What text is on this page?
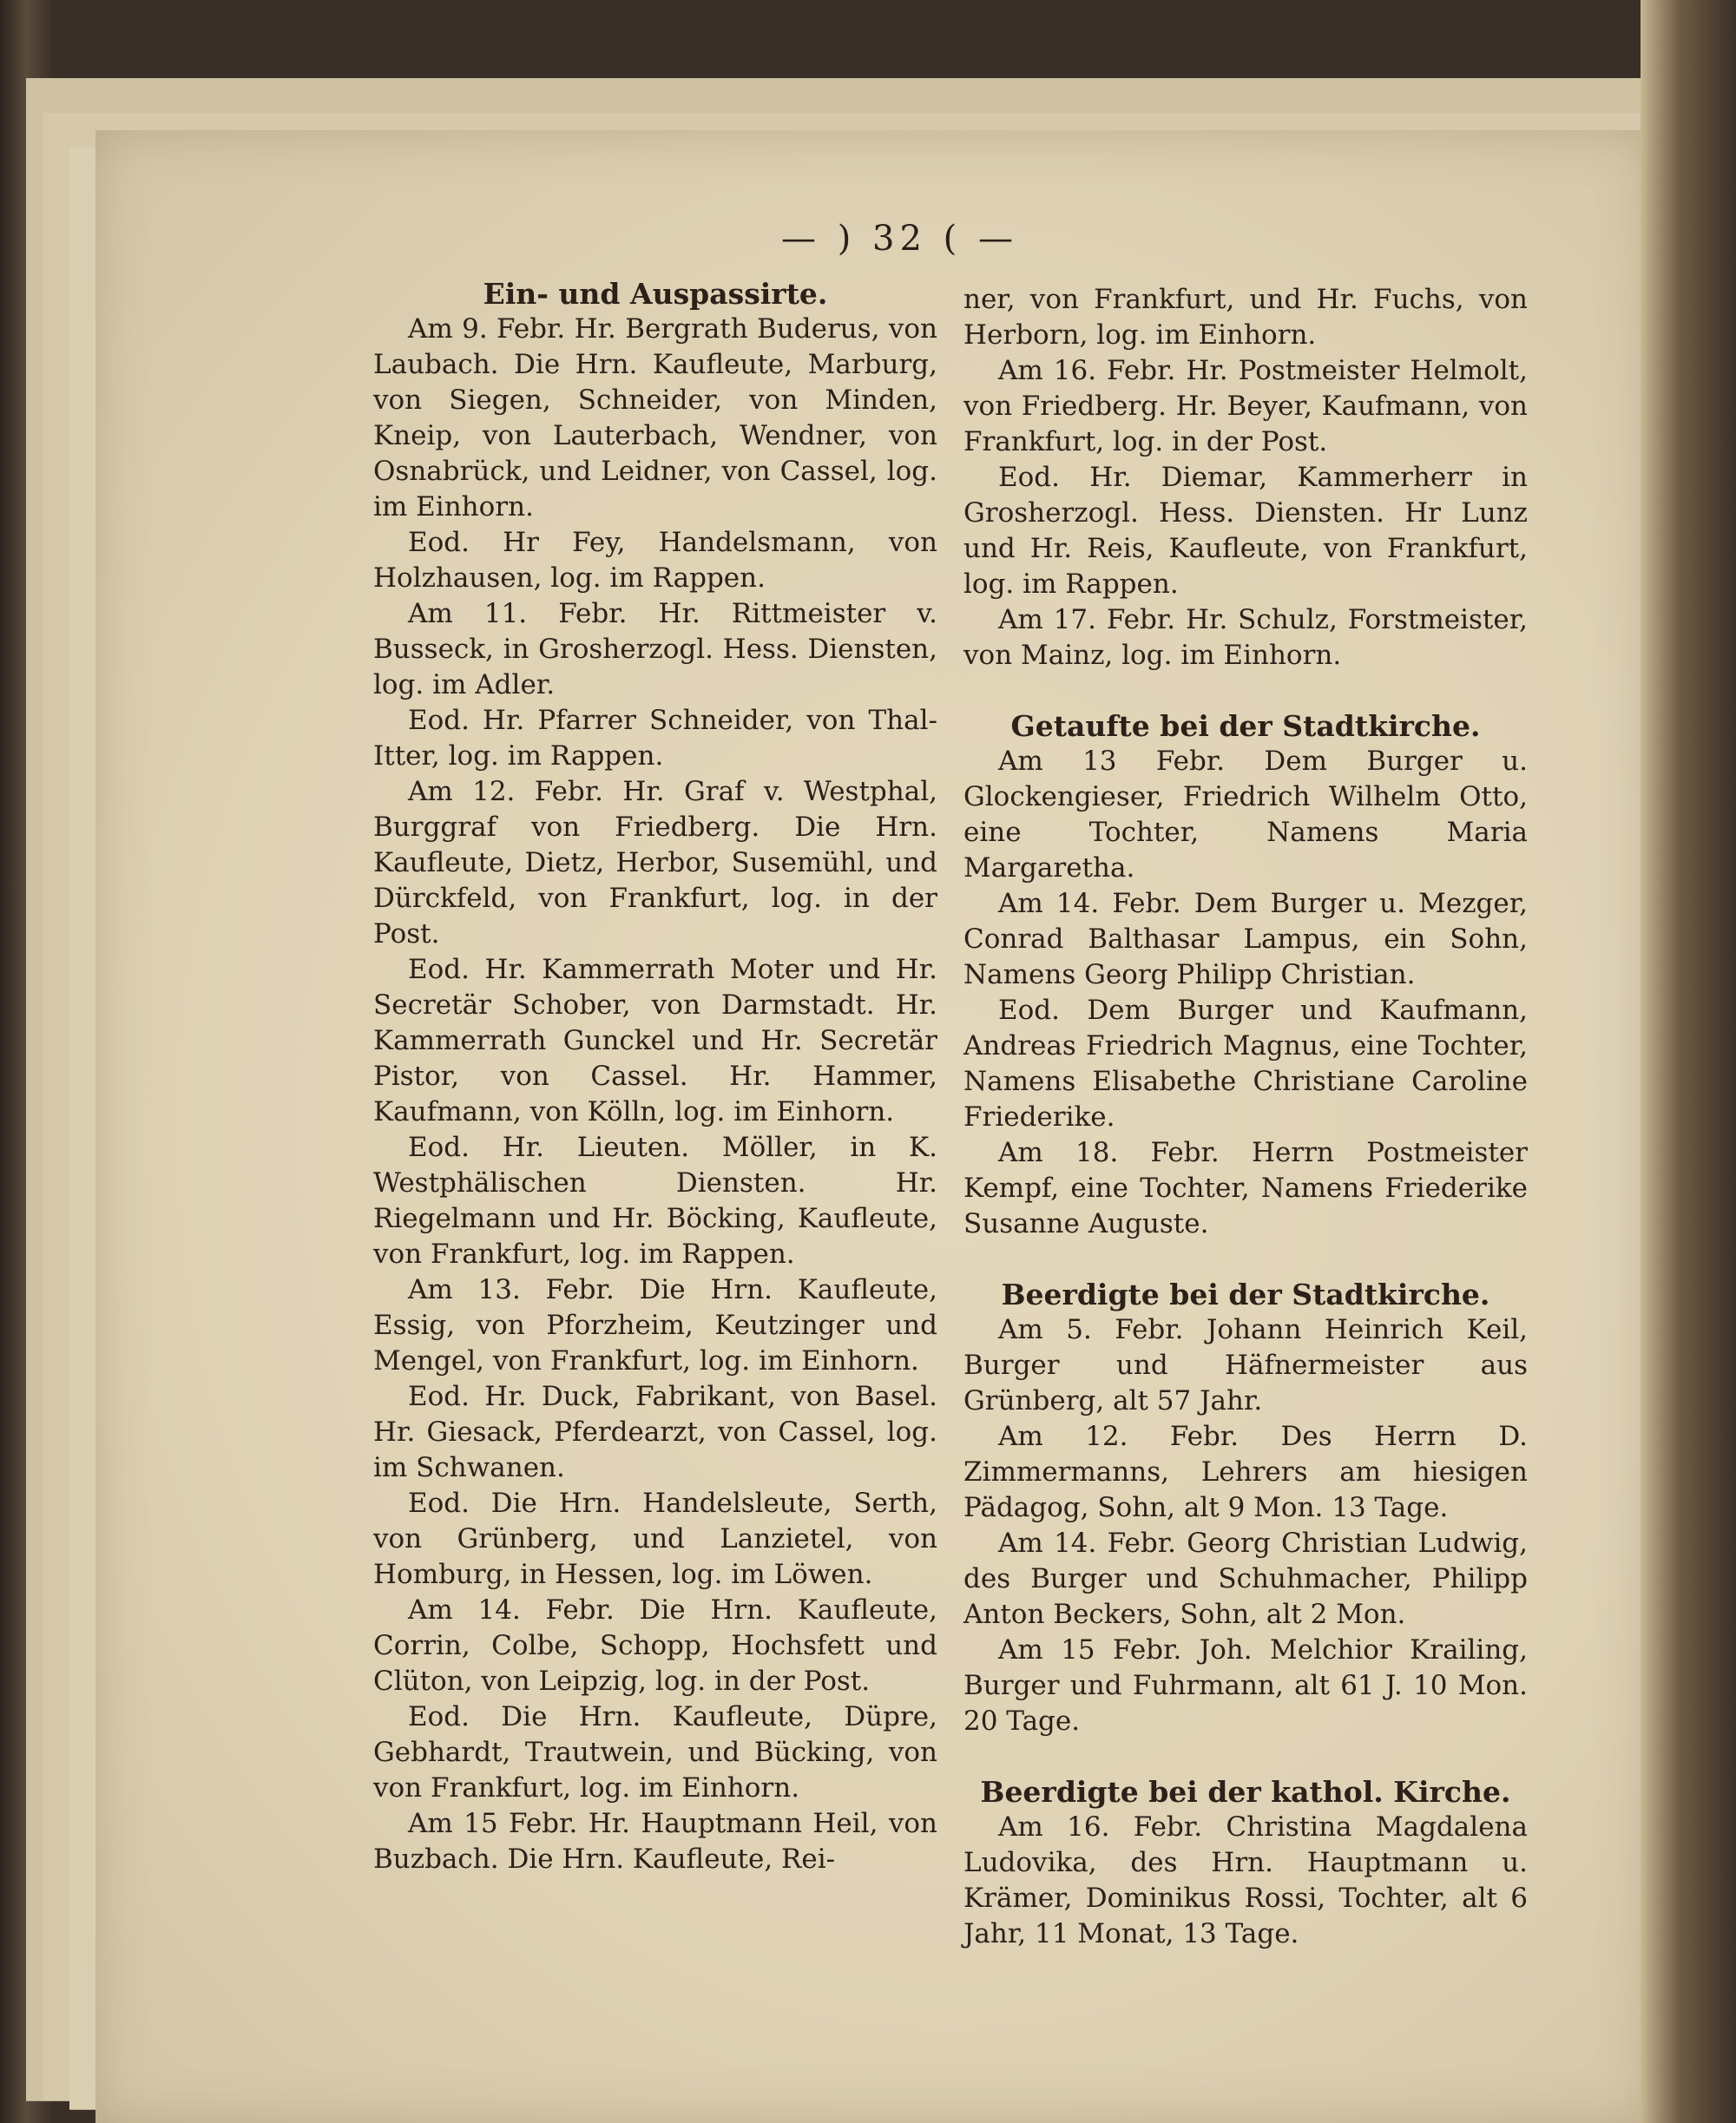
— ) 32 ( —

Ein- und Auspassirte.

Am 9. Febr. Hr. Bergrath Buderus, von Laubach. Die Hrn. Kaufleute, Marburg, von Siegen, Schneider, von Minden, Kneip, von Lauterbach, Wendner, von Osnabrück, und Leidner, von Cassel, log. im Einhorn.

Eod. Hr Fey, Handelsmann, von Holzhausen, log. im Rappen.

Am 11. Febr. Hr. Rittmeister v. Busseck, in Grosherzogl. Hess. Diensten, log. im Adler.

Eod. Hr. Pfarrer Schneider, von Thal-Itter, log. im Rappen.

Am 12. Febr. Hr. Graf v. Westphal, Burggraf von Friedberg. Die Hrn. Kaufleute, Dietz, Herbor, Susemühl, und Dürckfeld, von Frankfurt, log. in der Post.

Eod. Hr. Kammerrath Moter und Hr. Secretär Schober, von Darmstadt. Hr. Kammerrath Gunckel und Hr. Secretär Pistor, von Cassel. Hr. Hammer, Kaufmann, von Kölln, log. im Einhorn.

Eod. Hr. Lieuten. Möller, in K. Westphälischen Diensten. Hr. Riegelmann und Hr. Böcking, Kaufleute, von Frankfurt, log. im Rappen.

Am 13. Febr. Die Hrn. Kaufleute, Essig, von Pforzheim, Keutzinger und Mengel, von Frankfurt, log. im Einhorn.

Eod. Hr. Duck, Fabrikant, von Basel. Hr. Giesack, Pferdearzt, von Cassel, log. im Schwanen.

Eod. Die Hrn. Handelsleute, Serth, von Grünberg, und Lanzietel, von Homburg, in Hessen, log. im Löwen.

Am 14. Febr. Die Hrn. Kaufleute, Corrin, Colbe, Schopp, Hochsfett und Clüton, von Leipzig, log. in der Post.

Eod. Die Hrn. Kaufleute, Düpre, Gebhardt, Trautwein, und Bücking, von von Frankfurt, log. im Einhorn.

Am 15 Febr. Hr. Hauptmann Heil, von Buzbach. Die Hrn. Kaufleute, Rei-

ner, von Frankfurt, und Hr. Fuchs, von Herborn, log. im Einhorn.

Am 16. Febr. Hr. Postmeister Helmolt, von Friedberg. Hr. Beyer, Kaufmann, von Frankfurt, log. in der Post.

Eod. Hr. Diemar, Kammerherr in Grosherzogl. Hess. Diensten. Hr Lunz und Hr. Reis, Kaufleute, von Frankfurt, log. im Rappen.

Am 17. Febr. Hr. Schulz, Forstmeister, von Mainz, log. im Einhorn.

Getaufte bei der Stadtkirche.

Am 13 Febr. Dem Burger u. Glockengieser, Friedrich Wilhelm Otto, eine Tochter, Namens Maria Margaretha.

Am 14. Febr. Dem Burger u. Mezger, Conrad Balthasar Lampus, ein Sohn, Namens Georg Philipp Christian.

Eod. Dem Burger und Kaufmann, Andreas Friedrich Magnus, eine Tochter, Namens Elisabethe Christiane Caroline Friederike.

Am 18. Febr. Herrn Postmeister Kempf, eine Tochter, Namens Friederike Susanne Auguste.

Beerdigte bei der Stadtkirche.

Am 5. Febr. Johann Heinrich Keil, Burger und Häfnermeister aus Grünberg, alt 57 Jahr.

Am 12. Febr. Des Herrn D. Zimmermanns, Lehrers am hiesigen Pädagog, Sohn, alt 9 Mon. 13 Tage.

Am 14. Febr. Georg Christian Ludwig, des Burger und Schuhmacher, Philipp Anton Beckers, Sohn, alt 2 Mon.

Am 15 Febr. Joh. Melchior Krailing, Burger und Fuhrmann, alt 61 J. 10 Mon. 20 Tage.

Beerdigte bei der kathol. Kirche.

Am 16. Febr. Christina Magdalena Ludovika, des Hrn. Hauptmann u. Krämer, Dominikus Rossi, Tochter, alt 6 Jahr, 11 Monat, 13 Tage.
